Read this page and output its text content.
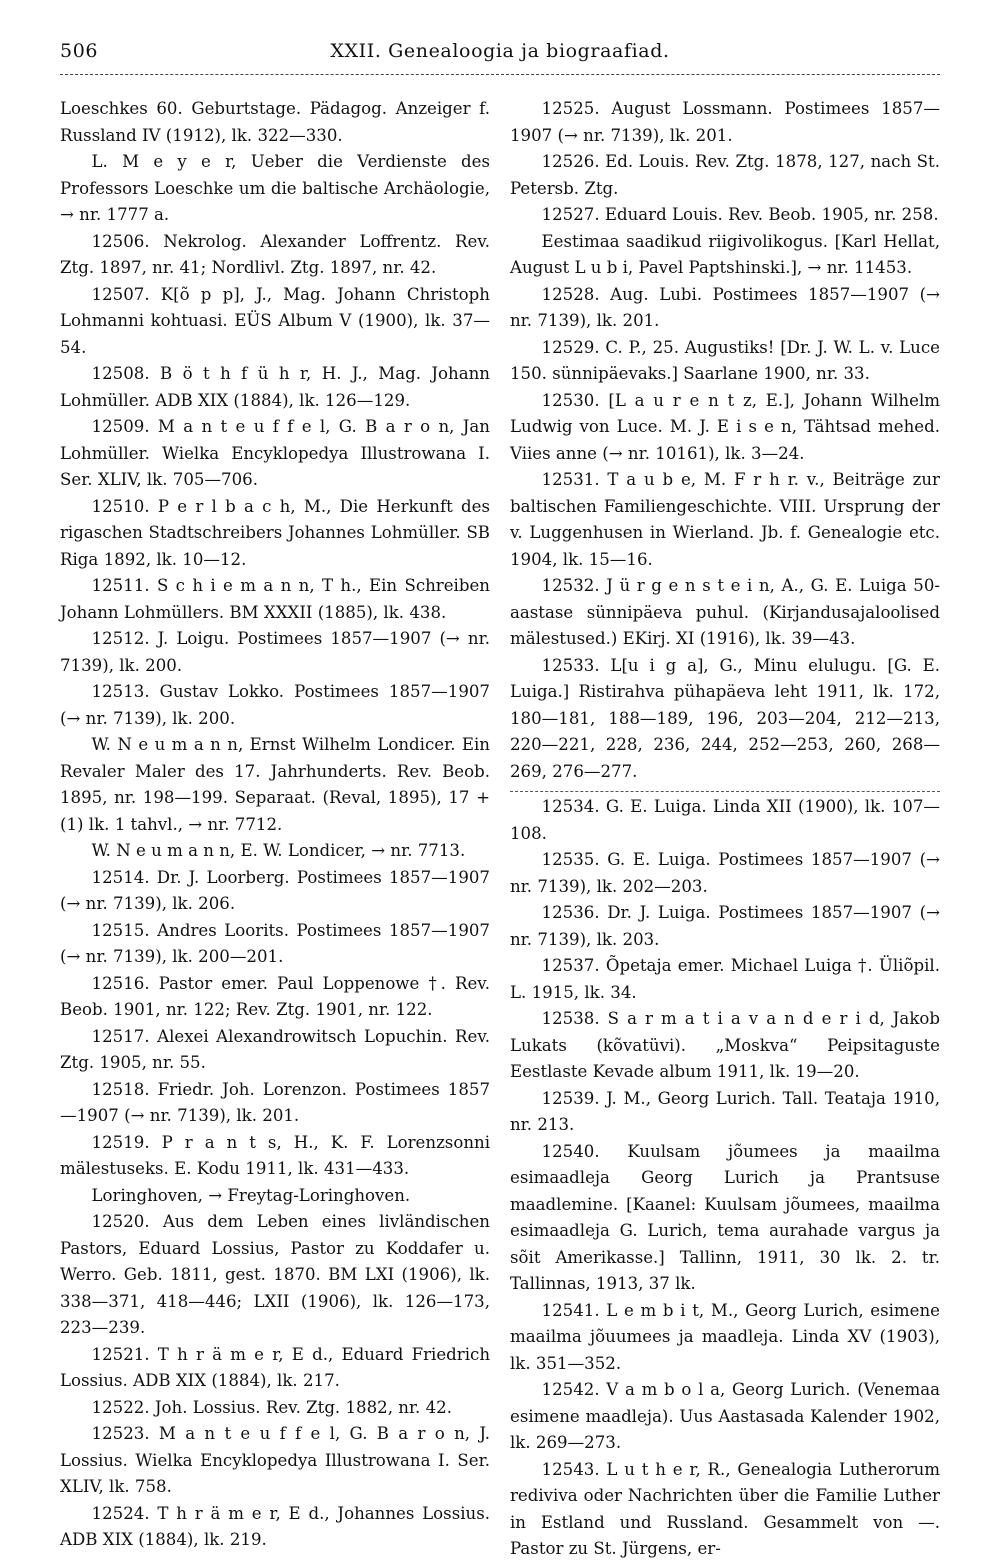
506	XXII. Genealoogia ja biograafiad.

Loeschkes 60. Geburtstage. Pädagog. Anzeiger f. Russland IV (1912), lk. 322—330.

L. M e y e r, Ueber die Verdienste des Professors Loeschke um die baltische Archäologie, → nr. 1777 a.

12506. Nekrolog. Alexander Loffrentz. Rev. Ztg. 1897, nr. 41; Nordlivl. Ztg. 1897, nr. 42.

12507. K[õ p p], J., Mag. Johann Christoph Lohmanni kohtuasi. EÜS Album V (1900), lk. 37—54.

12508. B ö t h f ü h r, H. J., Mag. Johann Lohmüller. ADB XIX (1884), lk. 126—129.

12509. M a n t e u f f e l, G. B a r o n, Jan Lohmüller. Wielka Encyklopedya Illustrowana I. Ser. XLIV, lk. 705—706.

12510. P e r l b a c h, M., Die Herkunft des rigaschen Stadtschreibers Johannes Lohmüller. SB Riga 1892, lk. 10—12.

12511. S c h i e m a n n, T h., Ein Schreiben Johann Lohmüllers. BM XXXII (1885), lk. 438.

12512. J. Loigu. Postimees 1857—1907 (→ nr. 7139), lk. 200.

12513. Gustav Lokko. Postimees 1857—1907 (→ nr. 7139), lk. 200.

W. N e u m a n n, Ernst Wilhelm Londicer. Ein Revaler Maler des 17. Jahrhunderts. Rev. Beob. 1895, nr. 198—199. Separaat. (Reval, 1895), 17 + (1) lk. 1 tahvl., → nr. 7712.

W. N e u m a n n, E. W. Londicer, → nr. 7713.

12514. Dr. J. Loorberg. Postimees 1857—1907 (→ nr. 7139), lk. 206.

12515. Andres Loorits. Postimees 1857—1907 (→ nr. 7139), lk. 200—201.

12516. Pastor emer. Paul Loppenowe †. Rev. Beob. 1901, nr. 122; Rev. Ztg. 1901, nr. 122.

12517. Alexei Alexandrowitsch Lopuchin. Rev. Ztg. 1905, nr. 55.

12518. Friedr. Joh. Lorenzon. Postimees 1857—1907 (→ nr. 7139), lk. 201.

12519. P r a n t s, H., K. F. Lorenzsonni mälestuseks. E. Kodu 1911, lk. 431—433.

Loringhoven, → Freytag-Loringhoven.

12520. Aus dem Leben eines livländischen Pastors, Eduard Lossius, Pastor zu Koddafer u. Werro. Geb. 1811, gest. 1870. BM LXI (1906), lk. 338—371, 418—446; LXII (1906), lk. 126—173, 223—239.

12521. T h r ä m e r, E d., Eduard Friedrich Lossius. ADB XIX (1884), lk. 217.

12522. Joh. Lossius. Rev. Ztg. 1882, nr. 42.

12523. M a n t e u f f e l, G. B a r o n, J. Lossius. Wielka Encyklopedya Illustrowana I. Ser. XLIV, lk. 758.

12524. T h r ä m e r, E d., Johannes Lossius. ADB XIX (1884), lk. 219.

12525. August Lossmann. Postimees 1857—1907 (→ nr. 7139), lk. 201.

12526. Ed. Louis. Rev. Ztg. 1878, 127, nach St. Petersb. Ztg.

12527. Eduard Louis. Rev. Beob. 1905, nr. 258.

Eestimaa saadikud riigivolikogus. [Karl Hellat, August L u b i, Pavel Paptshinski.], → nr. 11453.

12528. Aug. Lubi. Postimees 1857—1907 (→ nr. 7139), lk. 201.

12529. C. P., 25. Augustiks! [Dr. J. W. L. v. Luce 150. sünnipäevaks.] Saarlane 1900, nr. 33.

12530. [L a u r e n t z, E.], Johann Wilhelm Ludwig von Luce. M. J. E i s e n, Tähtsad mehed. Viies anne (→ nr. 10161), lk. 3—24.

12531. T a u b e, M. F r h r. v., Beiträge zur baltischen Familiengeschichte. VIII. Ursprung der v. Luggenhusen in Wierland. Jb. f. Genealogie etc. 1904, lk. 15—16.

12532. J ü r g e n s t e i n, A., G. E. Luiga 50-aastase sünnipäeva puhul. (Kirjandusajaloolised mälestused.) EKirj. XI (1916), lk. 39—43.

12533. L[u i g a], G., Minu elulugu. [G. E. Luiga.] Ristirahva pühapäeva leht 1911, lk. 172, 180—181, 188—189, 196, 203—204, 212—213, 220—221, 228, 236, 244, 252—253, 260, 268—269, 276—277.

12534. G. E. Luiga. Linda XII (1900), lk. 107—108.

12535. G. E. Luiga. Postimees 1857—1907 (→ nr. 7139), lk. 202—203.

12536. Dr. J. Luiga. Postimees 1857—1907 (→ nr. 7139), lk. 203.

12537. Õpetaja emer. Michael Luiga †. Üliõpil. L. 1915, lk. 34.

12538. S a r m a t i a v a n d e r i d, Jakob Lukats (kõvatüvi). „Moskva“ Peipsitaguste Eestlaste Kevade album 1911, lk. 19—20.

12539. J. M., Georg Lurich. Tall. Teataja 1910, nr. 213.

12540. Kuulsam jõumees ja maailma esimaadleja Georg Lurich ja Prantsuse maadlemine. [Kaanel: Kuulsam jõumees, maailma esimaadleja G. Lurich, tema aurahade vargus ja sõit Amerikasse.] Tallinn, 1911, 30 lk. 2. tr. Tallinnas, 1913, 37 lk.

12541. L e m b i t, M., Georg Lurich, esimene maailma jõuumees ja maadleja. Linda XV (1903), lk. 351—352.

12542. V a m b o l a, Georg Lurich. (Venemaa esimene maadleja). Uus Aastasada Kalender 1902, lk. 269—273.

12543. L u t h e r, R., Genealogia Lutherorum rediviva oder Nachrichten über die Familie Luther in Estland und Russland. Gesammelt von —. Pastor zu St. Jürgens, er-
